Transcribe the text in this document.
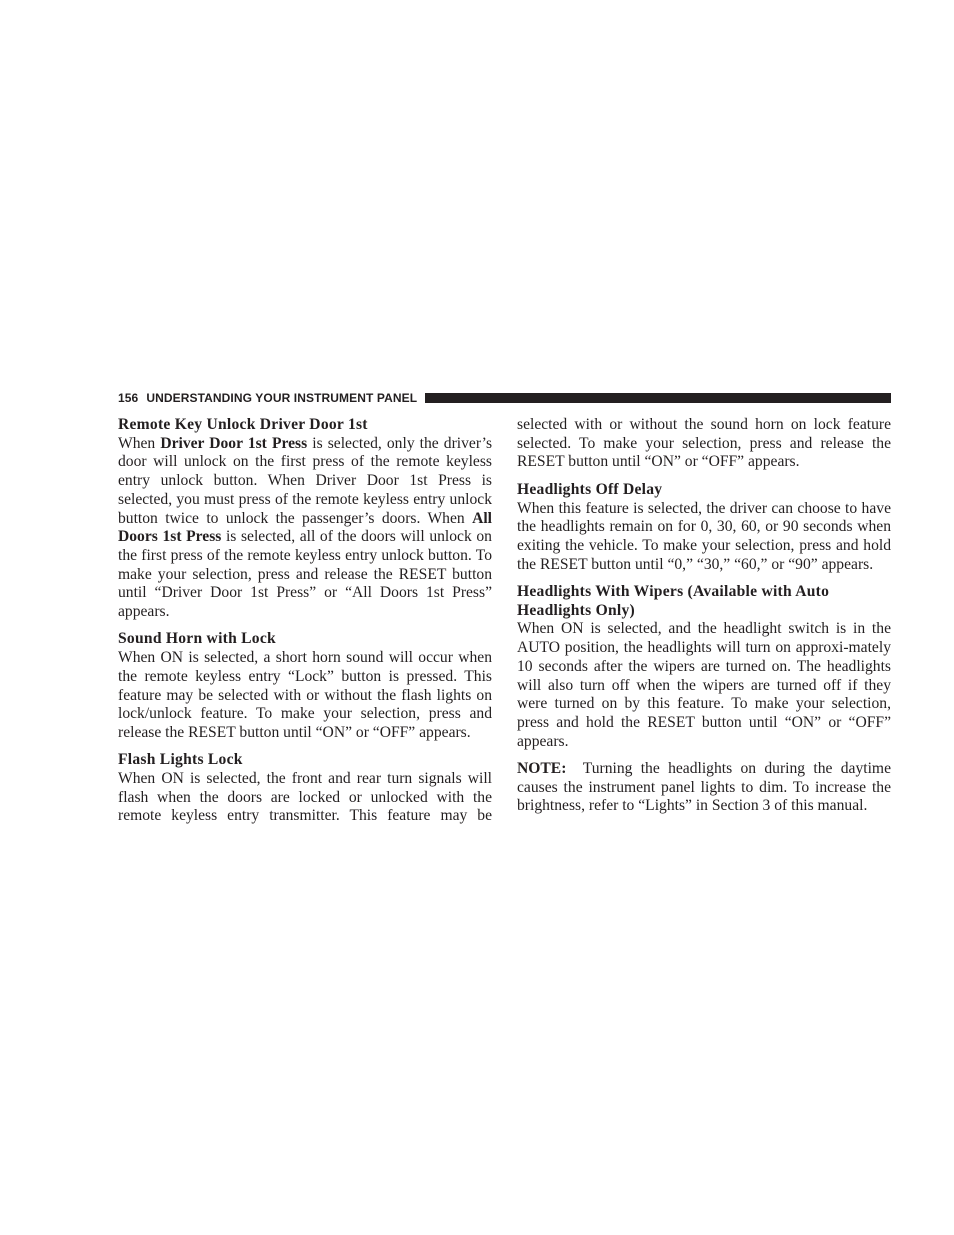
156 UNDERSTANDING YOUR INSTRUMENT PANEL
Remote Key Unlock Driver Door 1st

When Driver Door 1st Press is selected, only the driver’s door will unlock on the first press of the remote keyless entry unlock button. When Driver Door 1st Press is selected, you must press of the remote keyless entry unlock button twice to unlock the passenger’s doors. When All Doors 1st Press is selected, all of the doors will unlock on the first press of the remote keyless entry unlock button. To make your selection, press and release the RESET button until “Driver Door 1st Press” or “All Doors 1st Press” appears.

Sound Horn with Lock

When ON is selected, a short horn sound will occur when the remote keyless entry “Lock” button is pressed. This feature may be selected with or without the flash lights on lock/unlock feature. To make your selection, press and release the RESET button until “ON” or “OFF” appears.

Flash Lights Lock

When ON is selected, the front and rear turn signals will flash when the doors are locked or unlocked with the remote keyless entry transmitter. This feature may be

selected with or without the sound horn on lock feature selected. To make your selection, press and release the RESET button until “ON” or “OFF” appears.

Headlights Off Delay

When this feature is selected, the driver can choose to have the headlights remain on for 0, 30, 60, or 90 seconds when exiting the vehicle. To make your selection, press and hold the RESET button until “0,” “30,” “60,” or “90” appears.

Headlights With Wipers (Available with Auto Headlights Only)

When ON is selected, and the headlight switch is in the AUTO position, the headlights will turn on approxi-mately 10 seconds after the wipers are turned on. The headlights will also turn off when the wipers are turned off if they were turned on by this feature. To make your selection, press and hold the RESET button until “ON” or “OFF” appears.

NOTE:  Turning the headlights on during the daytime causes the instrument panel lights to dim. To increase the brightness, refer to “Lights” in Section 3 of this manual.
